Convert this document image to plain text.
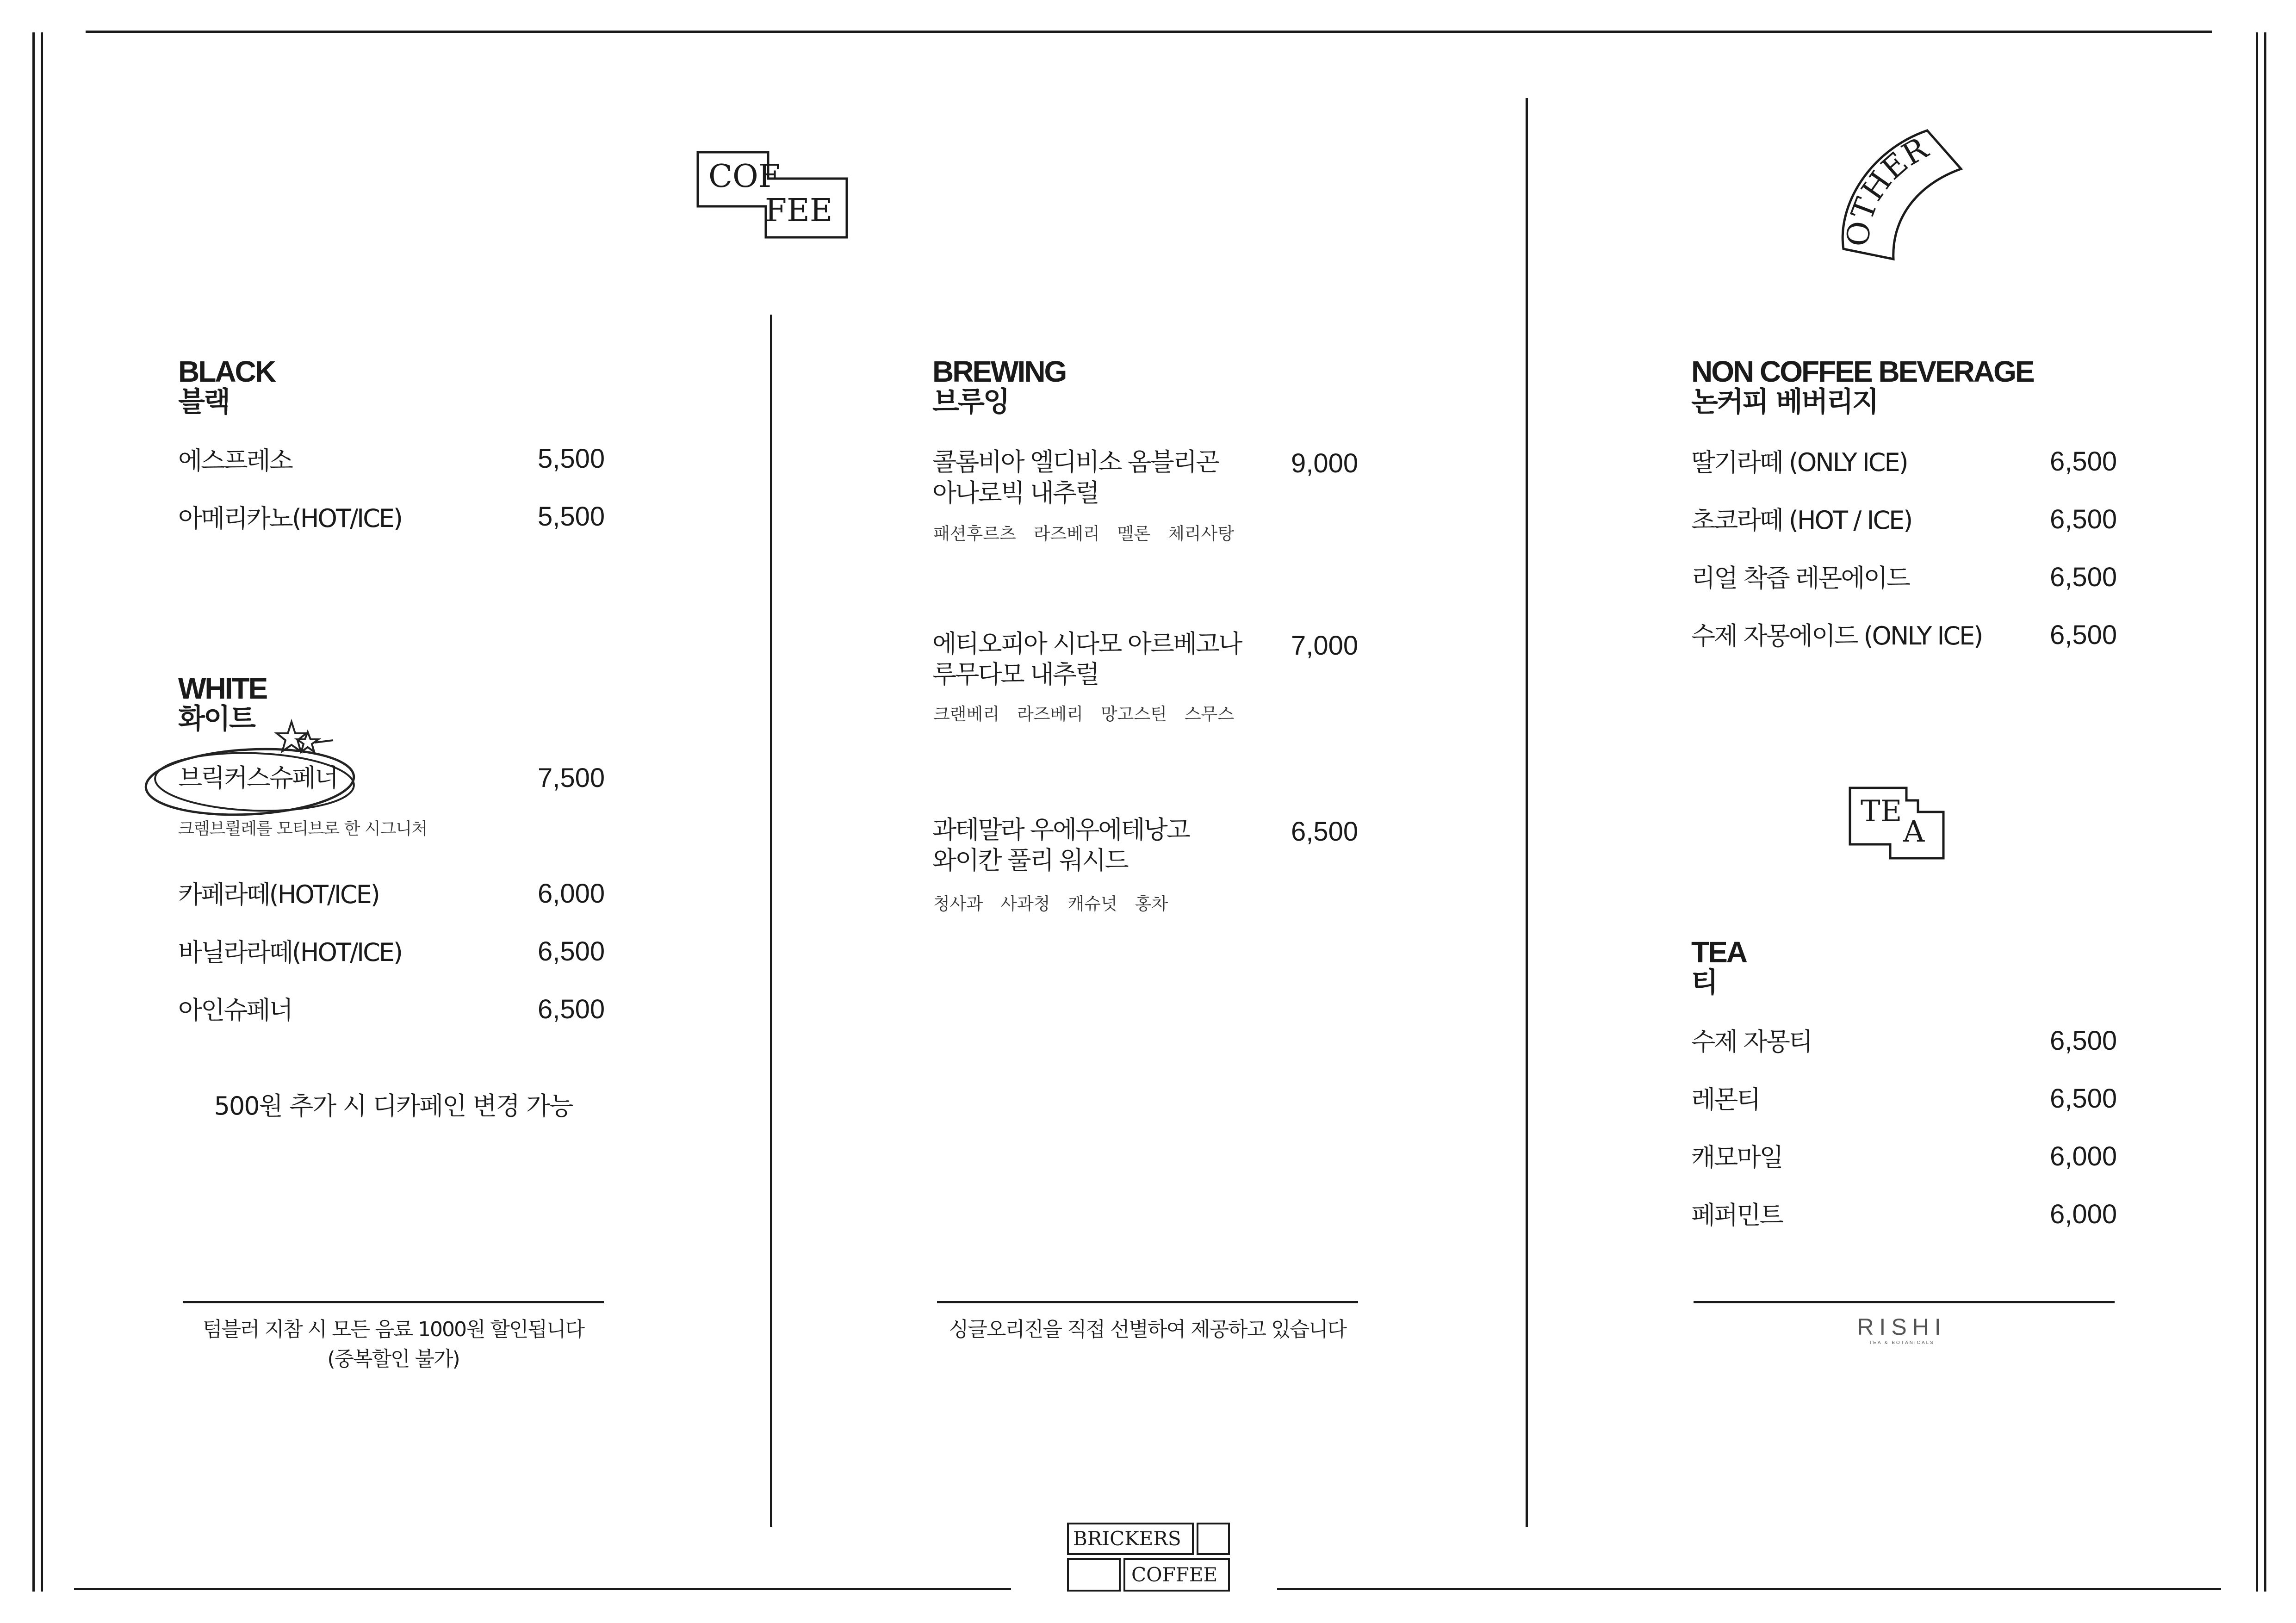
COF
FEE
OTHER
TE
A
BLACK
블랙
에스프레소	5,500
아메리카노(HOT/ICE)	5,500
WHITE
화이트
브릭커스슈페너	7,500
크렘브륄레를 모티브로 한 시그니처
카페라떼(HOT/ICE)	6,000
바닐라라떼(HOT/ICE)	6,500
아인슈페너	6,500
500원 추가 시 디카페인 변경 가능
텀블러 지참 시 모든 음료 1000원 할인됩니다
(중복할인 불가)
BREWING
브루잉
콜롬비아 엘디비소 옴블리곤
아나로빅 내추럴
9,000
패션후르츠 라즈베리 멜론 체리사탕
에티오피아 시다모 아르베고나
루무다모 내추럴
7,000
크랜베리 라즈베리 망고스틴 스무스
과테말라 우에우에테낭고
와이칸 풀리 워시드
6,500
청사과 사과청 캐슈넛 홍차
싱글오리진을 직접 선별하여 제공하고 있습니다
NON COFFEE BEVERAGE
논커피 베버리지
딸기라떼 (ONLY ICE)	6,500
초코라떼 (HOT / ICE)	6,500
리얼 착즙 레몬에이드	6,500
수제 자몽에이드 (ONLY ICE)	6,500
TEA
티
수제 자몽티	6,500
레몬티	6,500
캐모마일	6,000
페퍼민트	6,000
RISHI
TEA & BOTANICALS
BRICKERS
COFFEE
